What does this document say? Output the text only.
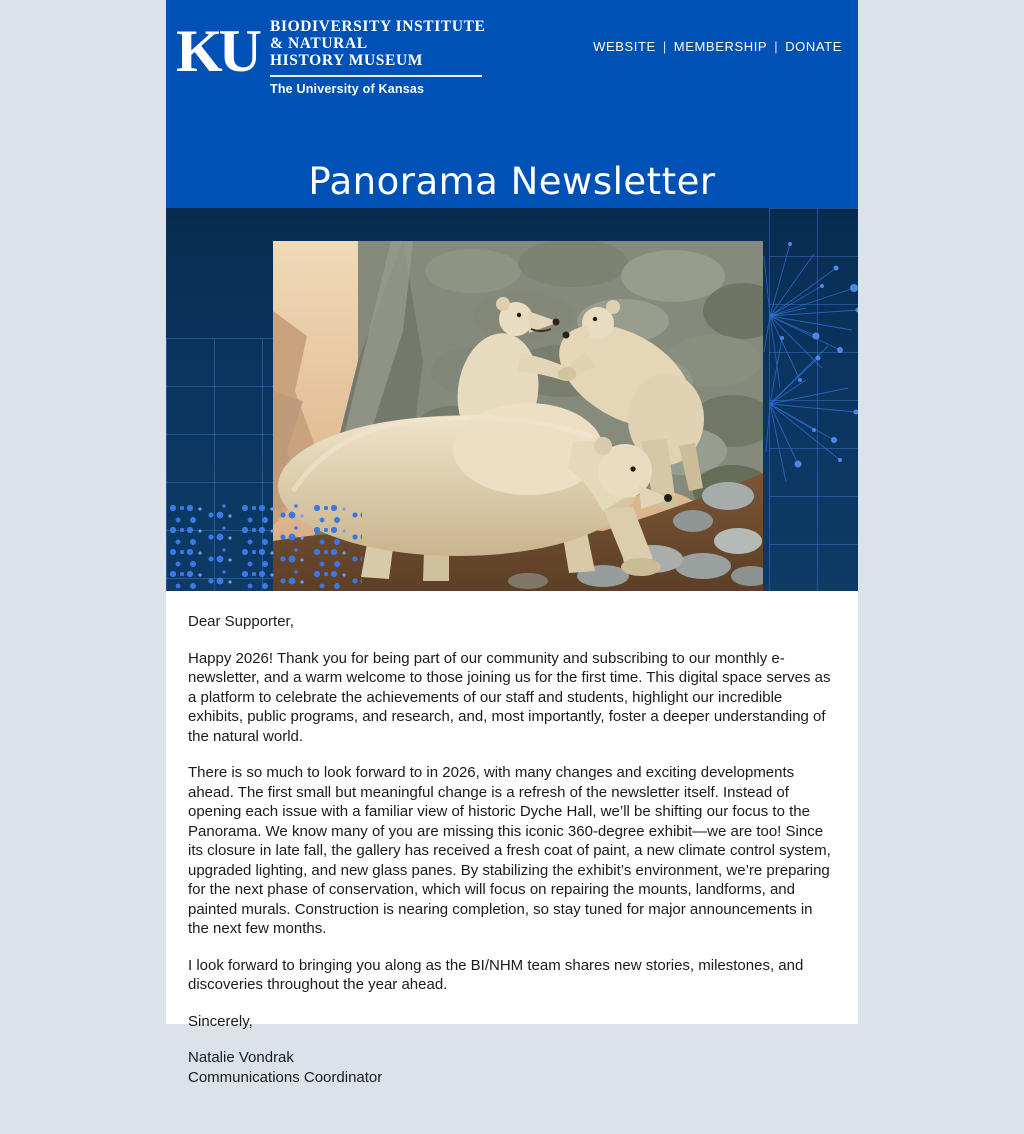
KU BIODIVERSITY INSTITUTE
& NATURAL
HISTORY MUSEUM
The University of Kansas
WEBSITE | MEMBERSHIP | DONATE
Panorama Newsletter

Dear Supporter,

Happy 2026! Thank you for being part of our community and subscribing to our monthly e-newsletter, and a warm welcome to those joining us for the first time. This digital space serves as a platform to celebrate the achievements of our staff and students, highlight our incredible exhibits, public programs, and research, and, most importantly, foster a deeper understanding of the natural world.

There is so much to look forward to in 2026, with many changes and exciting developments ahead. The first small but meaningful change is a refresh of the newsletter itself. Instead of opening each issue with a familiar view of historic Dyche Hall, we’ll be shifting our focus to the Panorama. We know many of you are missing this iconic 360-degree exhibit—we are too! Since its closure in late fall, the gallery has received a fresh coat of paint, a new climate control system, upgraded lighting, and new glass panes. By stabilizing the exhibit’s environment, we’re preparing for the next phase of conservation, which will focus on repairing the mounts, landforms, and painted murals. Construction is nearing completion, so stay tuned for major announcements in the next few months.

I look forward to bringing you along as the BI/NHM team shares new stories, milestones, and discoveries throughout the year ahead.

Sincerely,

Natalie Vondrak
Communications Coordinator
